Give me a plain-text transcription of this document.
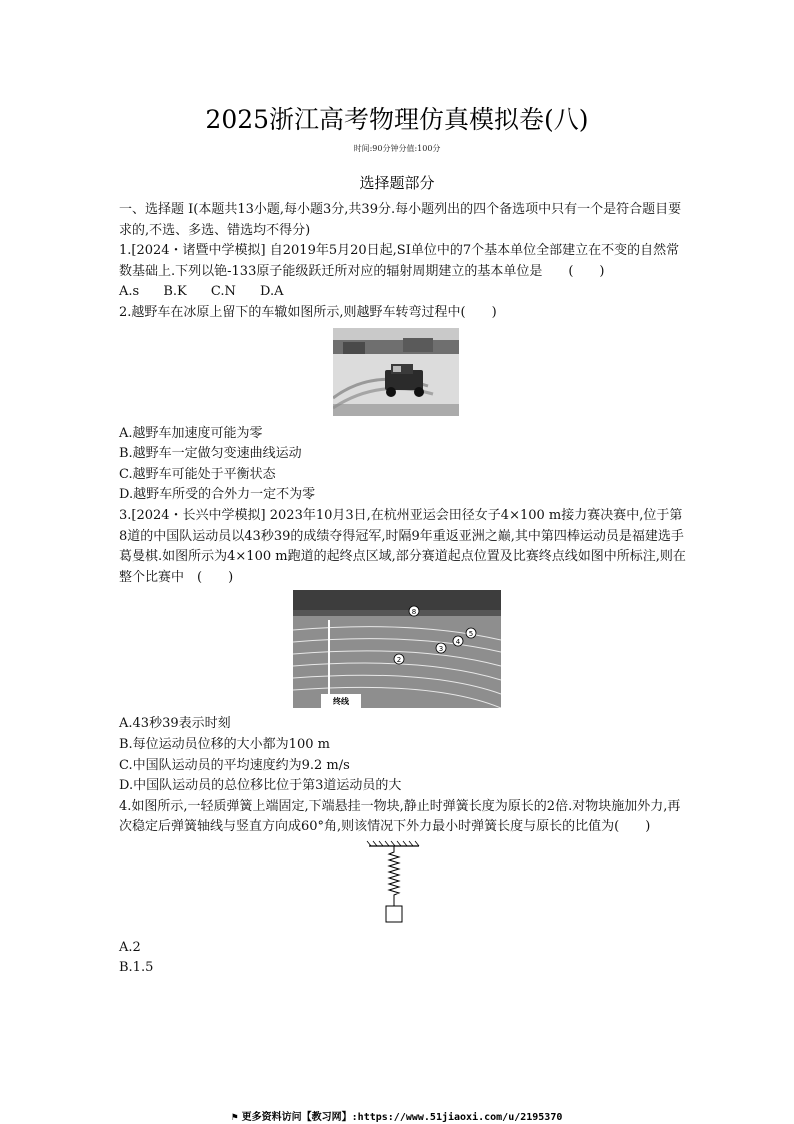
2025浙江高考物理仿真模拟卷(八)
时间:90分钟分值:100分
选择题部分

一、选择题 Ⅰ(本题共13小题,每小题3分,共39分.每小题列出的四个备选项中只有一个是符合题目要求的,不选、多选、错选均不得分)

1.[2024・诸暨中学模拟] 自2019年5月20日起,SI单位中的7个基本单位全部建立在不变的自然常数基础上.下列以铯-133原子能级跃迁所对应的辐射周期建立的基本单位是　　(　　)

A.s B.K C.N D.A

2.越野车在冰原上留下的车辙如图所示,则越野车转弯过程中(　　)

A.越野车加速度可能为零

B.越野车一定做匀变速曲线运动

C.越野车可能处于平衡状态

D.越野车所受的合外力一定不为零

3.[2024・长兴中学模拟] 2023年10月3日,在杭州亚运会田径女子4×100 m接力赛决赛中,位于第8道的中国队运动员以43秒39的成绩夺得冠军,时隔9年重返亚洲之巅,其中第四棒运动员是福建选手葛曼棋.如图所示为4×100 m跑道的起终点区域,部分赛道起点位置及比赛终点线如图中所标注,则在整个比赛中　(　　)

8
5
4
3
2
终线

A.43秒39表示时刻

B.每位运动员位移的大小都为100 m

C.中国队运动员的平均速度约为9.2 m/s

D.中国队运动员的总位移比位于第3道运动员的大

4.如图所示,一轻质弹簧上端固定,下端悬挂一物块,静止时弹簧长度为原长的2倍.对物块施加外力,再次稳定后弹簧轴线与竖直方向成60°角,则该情况下外力最小时弹簧长度与原长的比值为(　　)

A.2

B.1.5

⚑ 更多资料访问【教习网】:https://www.51jiaoxi.com/u/2195370
